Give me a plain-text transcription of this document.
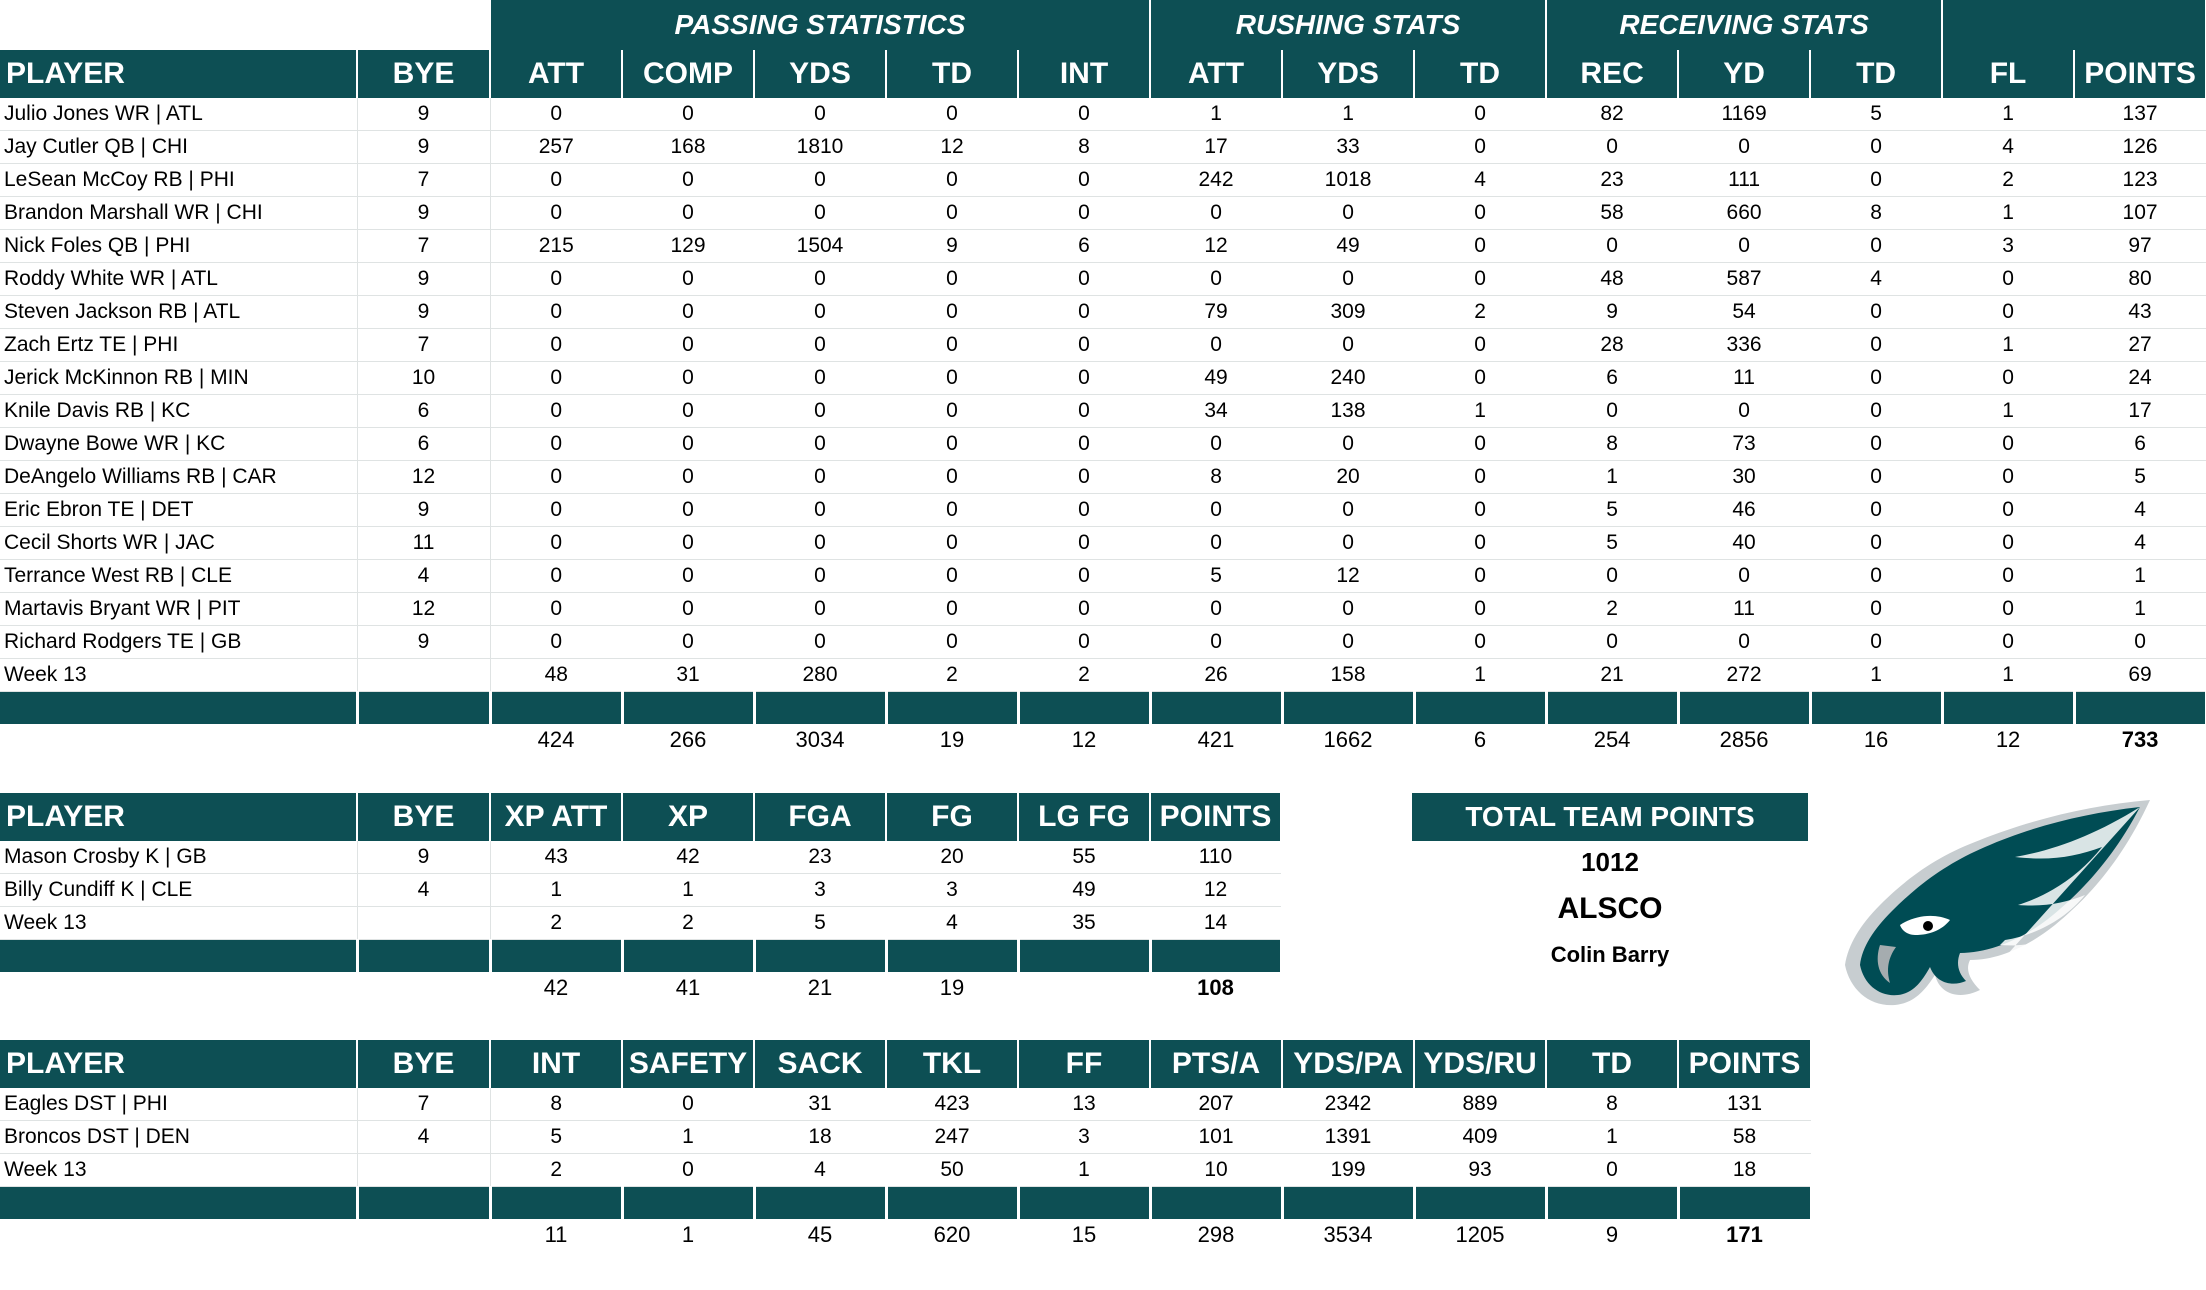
		PASSING STATISTICS					RUSHING STATS			RECEIVING STATS				
PLAYER	BYE	ATT	COMP	YDS	TD	INT	ATT	YDS	TD	REC	YD	TD	FL	POINTS
Julio Jones WR | ATL	9	0	0	0	0	0	1	1	0	82	1169	5	1	137
Jay Cutler QB | CHI	9	257	168	1810	12	8	17	33	0	0	0	0	4	126
LeSean McCoy RB | PHI	7	0	0	0	0	0	242	1018	4	23	111	0	2	123
Brandon Marshall WR | CHI	9	0	0	0	0	0	0	0	0	58	660	8	1	107
Nick Foles QB | PHI	7	215	129	1504	9	6	12	49	0	0	0	0	3	97
Roddy White WR | ATL	9	0	0	0	0	0	0	0	0	48	587	4	0	80
Steven Jackson RB | ATL	9	0	0	0	0	0	79	309	2	9	54	0	0	43
Zach Ertz TE | PHI	7	0	0	0	0	0	0	0	0	28	336	0	1	27
Jerick McKinnon RB | MIN	10	0	0	0	0	0	49	240	0	6	11	0	0	24
Knile Davis RB | KC	6	0	0	0	0	0	34	138	1	0	0	0	1	17
Dwayne Bowe WR | KC	6	0	0	0	0	0	0	0	0	8	73	0	0	6
DeAngelo Williams RB | CAR	12	0	0	0	0	0	8	20	0	1	30	0	0	5
Eric Ebron TE | DET	9	0	0	0	0	0	0	0	0	5	46	0	0	4
Cecil Shorts WR | JAC	11	0	0	0	0	0	0	0	0	5	40	0	0	4
Terrance West RB | CLE	4	0	0	0	0	0	5	12	0	0	0	0	0	1
Martavis Bryant WR | PIT	12	0	0	0	0	0	0	0	0	2	11	0	0	1
Richard Rodgers TE | GB	9	0	0	0	0	0	0	0	0	0	0	0	0	0
Week 13		48	31	280	2	2	26	158	1	21	272	1	1	69

		424	266	3034	19	12	421	1662	6	254	2856	16	12	733
PLAYER	BYE	XP ATT	XP	FGA	FG	LG FG	POINTS
Mason Crosby K | GB	9	43	42	23	20	55	110
Billy Cundiff K | CLE	4	1	1	3	3	49	12
Week 13		2	2	5	4	35	14

		42	41	21	19		108
PLAYER	BYE	INT	SAFETY	SACK	TKL	FF	PTS/A	YDS/PA	YDS/RU	TD	POINTS
Eagles DST | PHI	7	8	0	31	423	13	207	2342	889	8	131
Broncos DST | DEN	4	5	1	18	247	3	101	1391	409	1	58
Week 13		2	0	4	50	1	10	199	93	0	18

		11	1	45	620	15	298	3534	1205	9	171
TOTAL TEAM POINTS
1012
ALSCO
Colin Barry
